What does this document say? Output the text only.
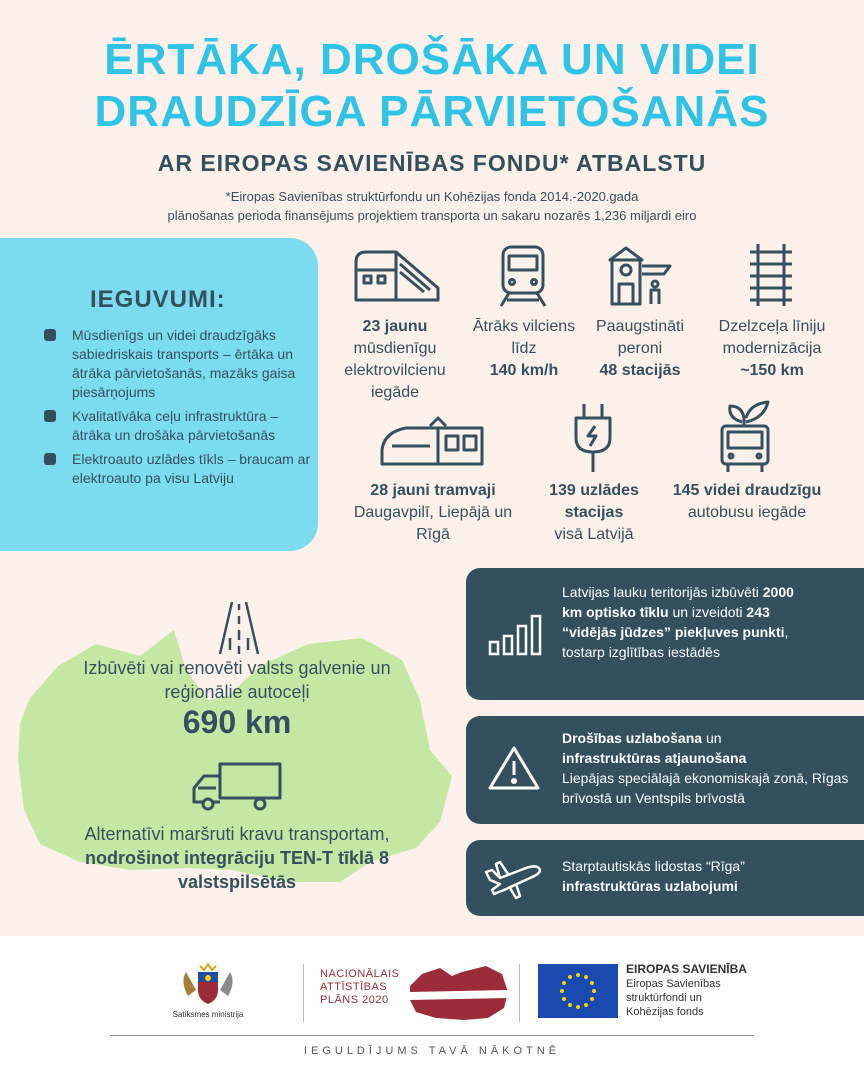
ĒRTĀKA, DROŠĀKA UN VIDEI
DRAUDZĪGA PĀRVIETOŠANĀS
AR EIROPAS SAVIENĪBAS FONDU* ATBALSTU
*Eiropas Savienības struktūrfondu un Kohēzijas fonda 2014.-2020.gada
plānošanas perioda finansējums projektiem transporta un sakaru nozarēs 1,236 miljardi eiro
IEGUVUMI:
Mūsdienīgs un videi draudzīgāks sabiedriskais transports – ērtāka un ātrāka pārvietošanās, mazāks gaisa piesārņojums
Kvalitatīvāka ceļu infrastruktūra – ātrāka un drošāka pārvietošanās
Elektroauto uzlādes tīkls – braucam ar elektroauto pa visu Latviju
23 jaunu
mūsdienīgu elektrovilcienu iegāde
Ātrāks vilciens līdz
140 km/h
Paaugstināti peroni
48 stacijās
Dzelzceļa līniju modernizācija
~150 km
28 jauni tramvaji
Daugavpilī, Liepājā un Rīgā
139 uzlādes stacijas
visā Latvijā
145 videi draudzīgu
autobusu iegāde
Izbūvēti vai renovēti valsts galvenie un reģionālie autoceļi
690 km
Alternatīvi maršruti kravu transportam,
nodrošinot integrāciju TEN-T tīklā 8 valstspilsētās
Latvijas lauku teritorijās izbūvēti 2000 km optisko tīklu un izveidoti 243 “vidējās jūdzes” piekļuves punkti, tostarp izglītības iestādēs
Drošības uzlabošana un
infrastruktūras atjaunošana
Liepājas speciālajā ekonomiskajā zonā, Rīgas brīvostā un Ventspils brīvostā
Starptautiskās lidostas “Rīga”
infrastruktūras uzlabojumi
Satiksmes ministrija
NACIONĀLAIS
ATTĪSTĪBAS
PLĀNS 2020
EIROPAS SAVIENĪBA
Eiropas Savienības
struktūrfondi un
Kohēzijas fonds
IEGULDĪJUMS TAVĀ NĀKOTNĒ
